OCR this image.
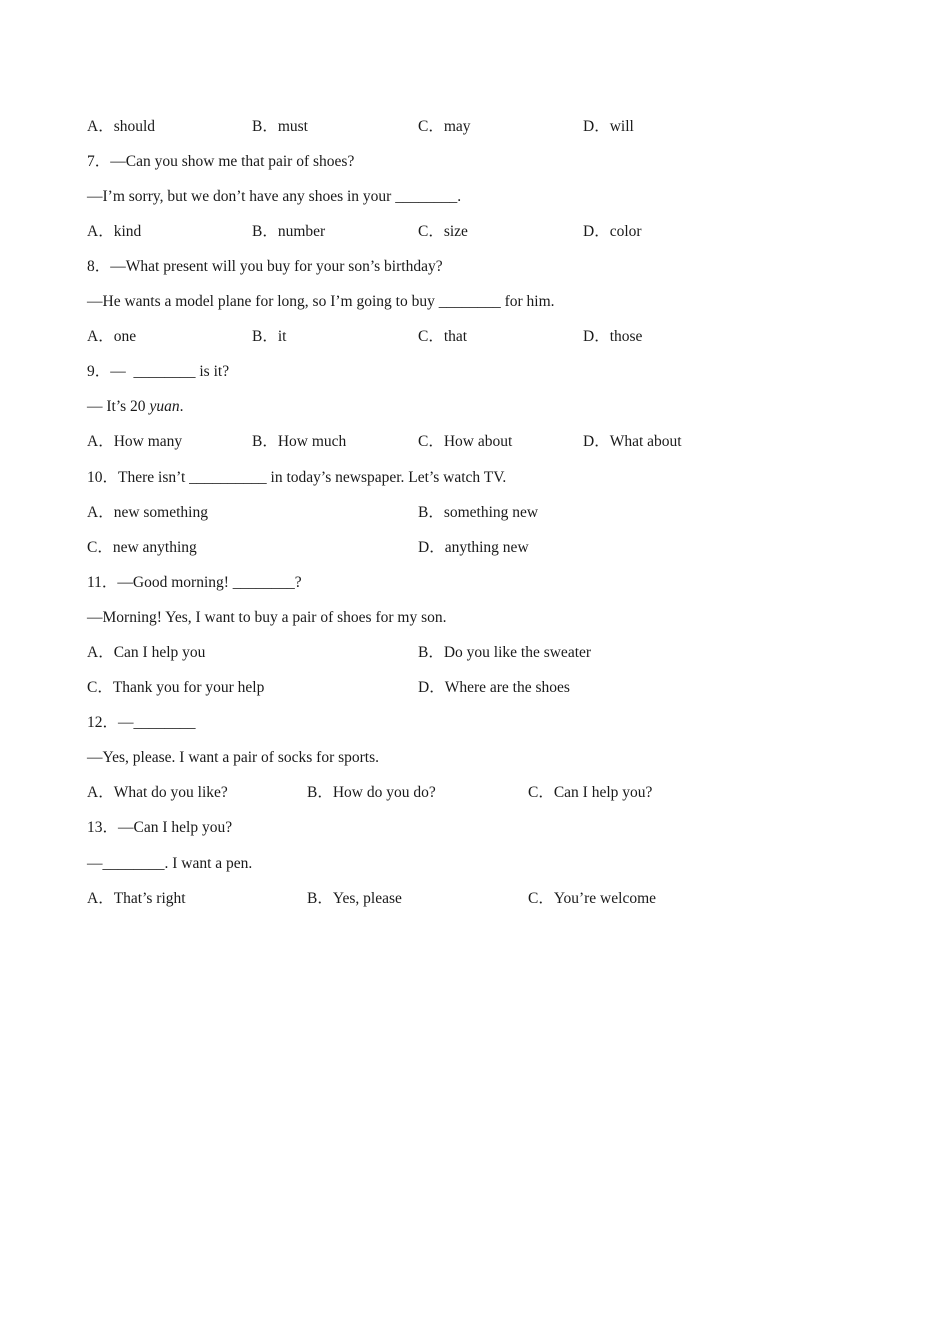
A．should	B．must	C．may	D．will
7．—Can you show me that pair of shoes?
—I’m sorry, but we don’t have any shoes in your ________.
A．kind	B．number	C．size	D．color
8．—What present will you buy for your son’s birthday?
—He wants a model plane for long, so I’m going to buy ________ for him.
A．one	B．it	C．that	D．those
9．—  ________ is it?
— It’s 20 yuan.
A．How many	B．How much	C．How about	D．What about
10．There isn’t __________ in today’s newspaper. Let’s watch TV.
A．new something	B．something new
C．new anything	D．anything new
11．—Good morning! ________?
—Morning! Yes, I want to buy a pair of shoes for my son.
A．Can I help you	B．Do you like the sweater
C．Thank you for your help	D．Where are the shoes
12．—________
—Yes, please. I want a pair of socks for sports.
A．What do you like?	B．How do you do?	C．Can I help you?
13．—Can I help you?
—________. I want a pen.
A．That’s right	B．Yes, please	C．You’re welcome
